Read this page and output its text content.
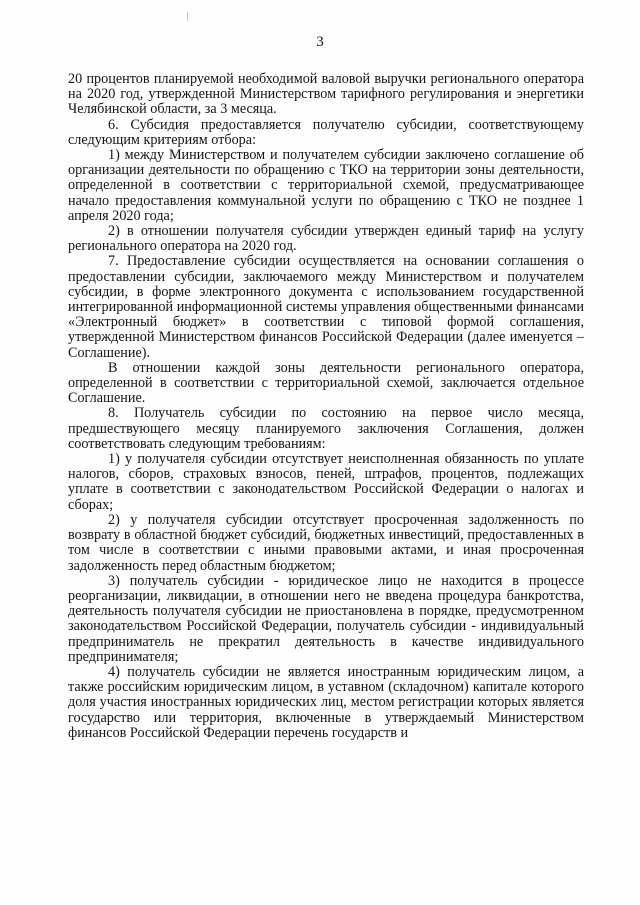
3

20 процентов планируемой необходимой валовой выручки регионального оператора на 2020 год, утвержденной Министерством тарифного регулирования и энергетики Челябинской области, за 3 месяца.

6. Субсидия предоставляется получателю субсидии, соответствующему следующим критериям отбора:

1) между Министерством и получателем субсидии заключено соглашение об организации деятельности по обращению с ТКО на территории зоны деятельности, определенной в соответствии с территориальной схемой, предусматривающее начало предоставления коммунальной услуги по обращению с ТКО не позднее 1 апреля 2020 года;

2) в отношении получателя субсидии утвержден единый тариф на услугу регионального оператора на 2020 год.

7. Предоставление субсидии осуществляется на основании соглашения о предоставлении субсидии, заключаемого между Министерством и получателем субсидии, в форме электронного документа с использованием государственной интегрированной информационной системы управления общественными финансами «Электронный бюджет» в соответствии с типовой формой соглашения, утвержденной Министерством финансов Российской Федерации (далее именуется – Соглашение).

В отношении каждой зоны деятельности регионального оператора, определенной в соответствии с территориальной схемой, заключается отдельное Соглашение.

8. Получатель субсидии по состоянию на первое число месяца, предшествующего месяцу планируемого заключения Соглашения, должен соответствовать следующим требованиям:

1) у получателя субсидии отсутствует неисполненная обязанность по уплате налогов, сборов, страховых взносов, пеней, штрафов, процентов, подлежащих уплате в соответствии с законодательством Российской Федерации о налогах и сборах;

2) у получателя субсидии отсутствует просроченная задолженность по возврату в областной бюджет субсидий, бюджетных инвестиций, предоставленных в том числе в соответствии с иными правовыми актами, и иная просроченная задолженность перед областным бюджетом;

3) получатель субсидии - юридическое лицо не находится в процессе реорганизации, ликвидации, в отношении него не введена процедура банкротства, деятельность получателя субсидии не приостановлена в порядке, предусмотренном законодательством Российской Федерации, получатель субсидии - индивидуальный предприниматель не прекратил деятельность в качестве индивидуального предпринимателя;

4) получатель субсидии не является иностранным юридическим лицом, а также российским юридическим лицом, в уставном (складочном) капитале которого доля участия иностранных юридических лиц, местом регистрации которых является государство или территория, включенные в утверждаемый Министерством финансов Российской Федерации перечень государств и
